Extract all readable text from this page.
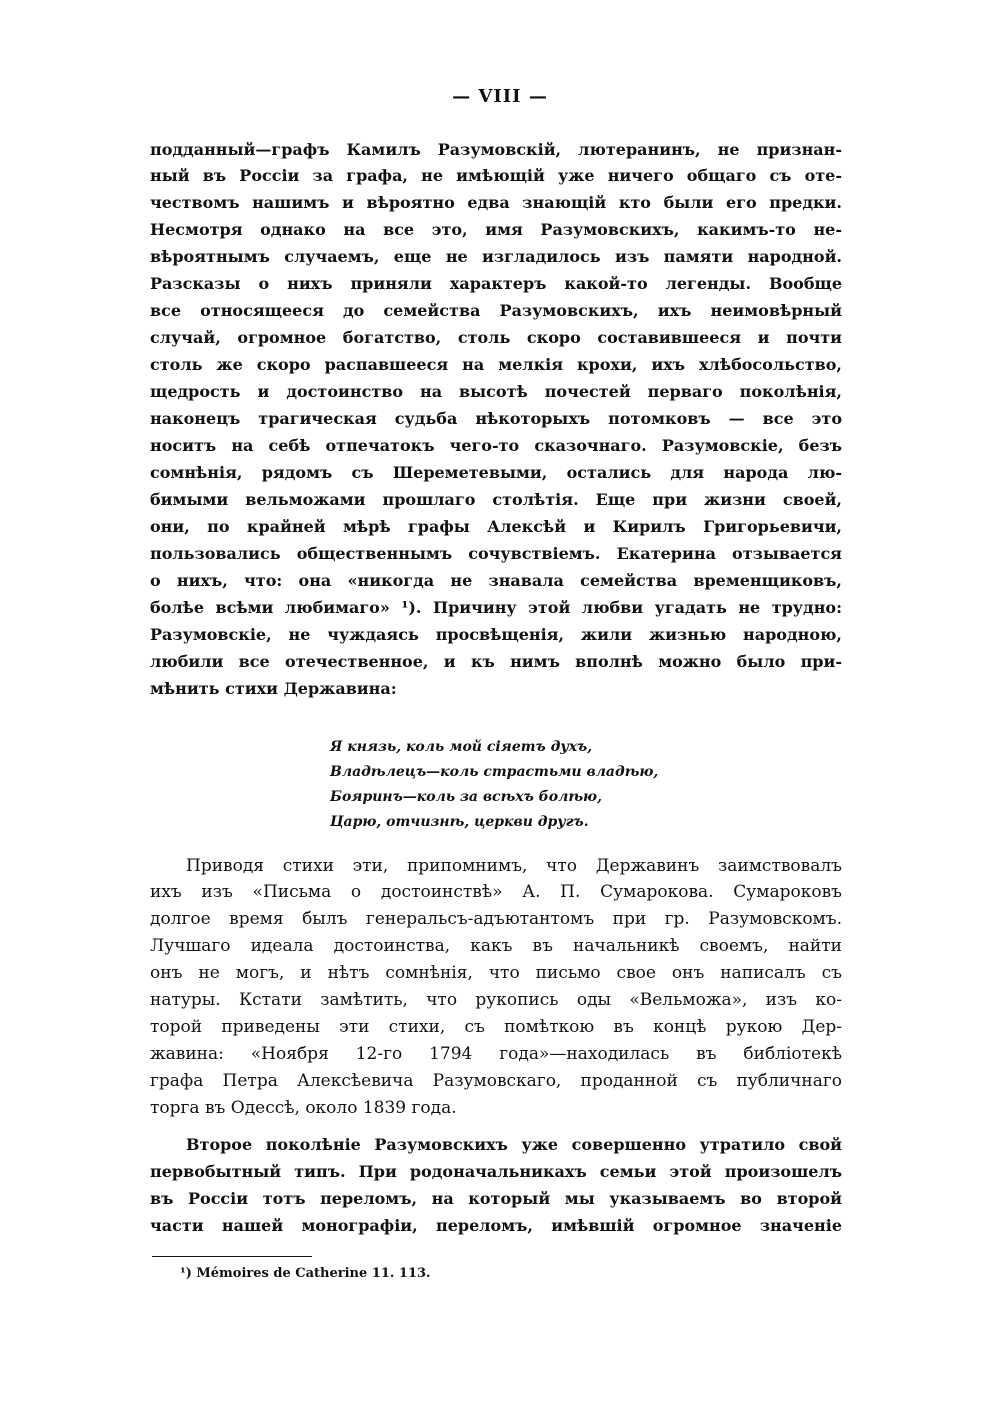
— VIII —
подданный—графъ Камилъ Разумовскій, лютеранинъ, не признан-
ный въ Россіи за графа, не имѣющій уже ничего общаго съ оте-
чествомъ нашимъ и вѣроятно едва знающій кто были его предки.
Несмотря однако на все это, имя Разумовскихъ, какимъ-то не-
вѣроятнымъ случаемъ, еще не изгладилось изъ памяти народной.
Разсказы о нихъ приняли характеръ какой-то легенды. Вообще
все относящееся до семейства Разумовскихъ, ихъ неимовѣрный
случай, огромное богатство, столь скоро составившееся и почти
столь же скоро распавшееся на мелкія крохи, ихъ хлѣбосольство,
щедрость и достоинство на высотѣ почестей перваго поколѣнія,
наконецъ трагическая судьба нѣкоторыхъ потомковъ — все это
носитъ на себѣ отпечатокъ чего-то сказочнаго. Разумовскіе, безъ
сомнѣнія, рядомъ съ Шереметевыми, остались для народа лю-
бимыми вельможами прошлаго столѣтія. Еще при жизни своей,
они, по крайней мѣрѣ графы Алексѣй и Кирилъ Григорьевичи,
пользовались общественнымъ сочувствіемъ. Екатерина отзывается
о нихъ, что: она «никогда не знавала семейства временщиковъ,
болѣе всѣми любимаго» ¹). Причину этой любви угадать не трудно:
Разумовскіе, не чуждаясь просвѣщенія, жили жизнью народною,
любили все отечественное, и къ нимъ вполнѣ можно было при-
мѣнить стихи Державина:
Я князь, коль мой сіяетъ духъ,
Владѣлецъ—коль страстьми владѣю,
Бояринъ—коль за всѣхъ болѣю,
Царю, отчизнѣ, церкви другъ.
Приводя стихи эти, припомнимъ, что Державинъ заимствовалъ
ихъ изъ «Письма о достоинствѣ» А. П. Сумарокова. Сумароковъ
долгое время былъ генеральсъ-адъютантомъ при гр. Разумовскомъ.
Лучшаго идеала достоинства, какъ въ начальникѣ своемъ, найти
онъ не могъ, и нѣтъ сомнѣнія, что письмо свое онъ написалъ съ
натуры. Кстати замѣтить, что рукопись оды «Вельможа», изъ ко-
торой приведены эти стихи, съ помѣткою въ концѣ рукою Дер-
жавина: «Ноября 12-го 1794 года»—находилась въ библіотекѣ
графа Петра Алексѣевича Разумовскаго, проданной съ публичнаго
торга въ Одессѣ, около 1839 года.
Второе поколѣніе Разумовскихъ уже совершенно утратило свой
первобытный типъ. При родоначальникахъ семьи этой произошелъ
въ Россіи тотъ переломъ, на который мы указываемъ во второй
части нашей монографіи, переломъ, имѣвшій огромное значеніе
¹) Mémoires de Catherine 11. 113.
